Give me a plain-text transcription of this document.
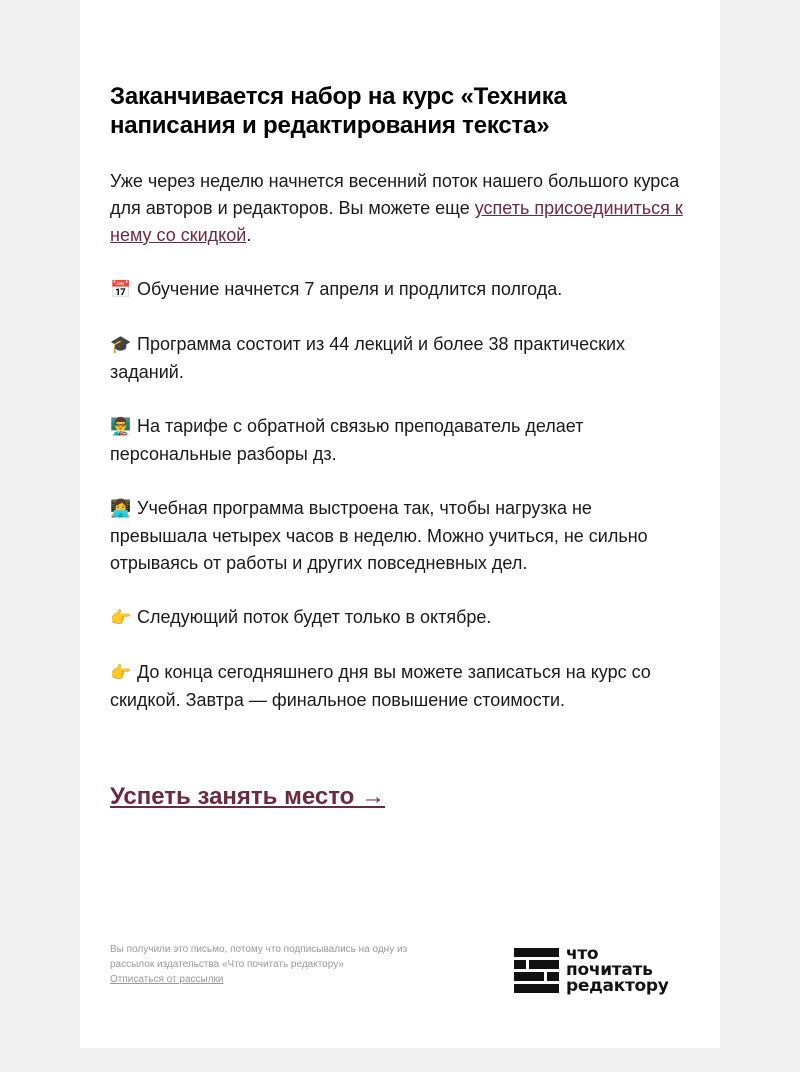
Заканчивается набор на курс «Техника написания и редактирования текста»

Уже через неделю начнется весенний поток нашего большого курса для авторов и редакторов. Вы можете еще успеть присоединиться к нему со скидкой.

📅 Обучение начнется 7 апреля и продлится полгода.

🎓 Программа состоит из 44 лекций и более 38 практических заданий.

👨‍🏫 На тарифе с обратной связью преподаватель делает персональные разборы дз.

👩‍💻 Учебная программа выстроена так, чтобы нагрузка не превышала четырех часов в неделю. Можно учиться, не сильно отрываясь от работы и других повседневных дел.

👉 Следующий поток будет только в октябре.

👉 До конца сегодняшнего дня вы можете записаться на курс со скидкой. Завтра — финальное повышение стоимости.

Успеть занять место →
Вы получили это письмо, потому что подписывались на одну из рассылок издательства «Что почитать редактору»
Отписаться от рассылки
что
почитать
редактору
